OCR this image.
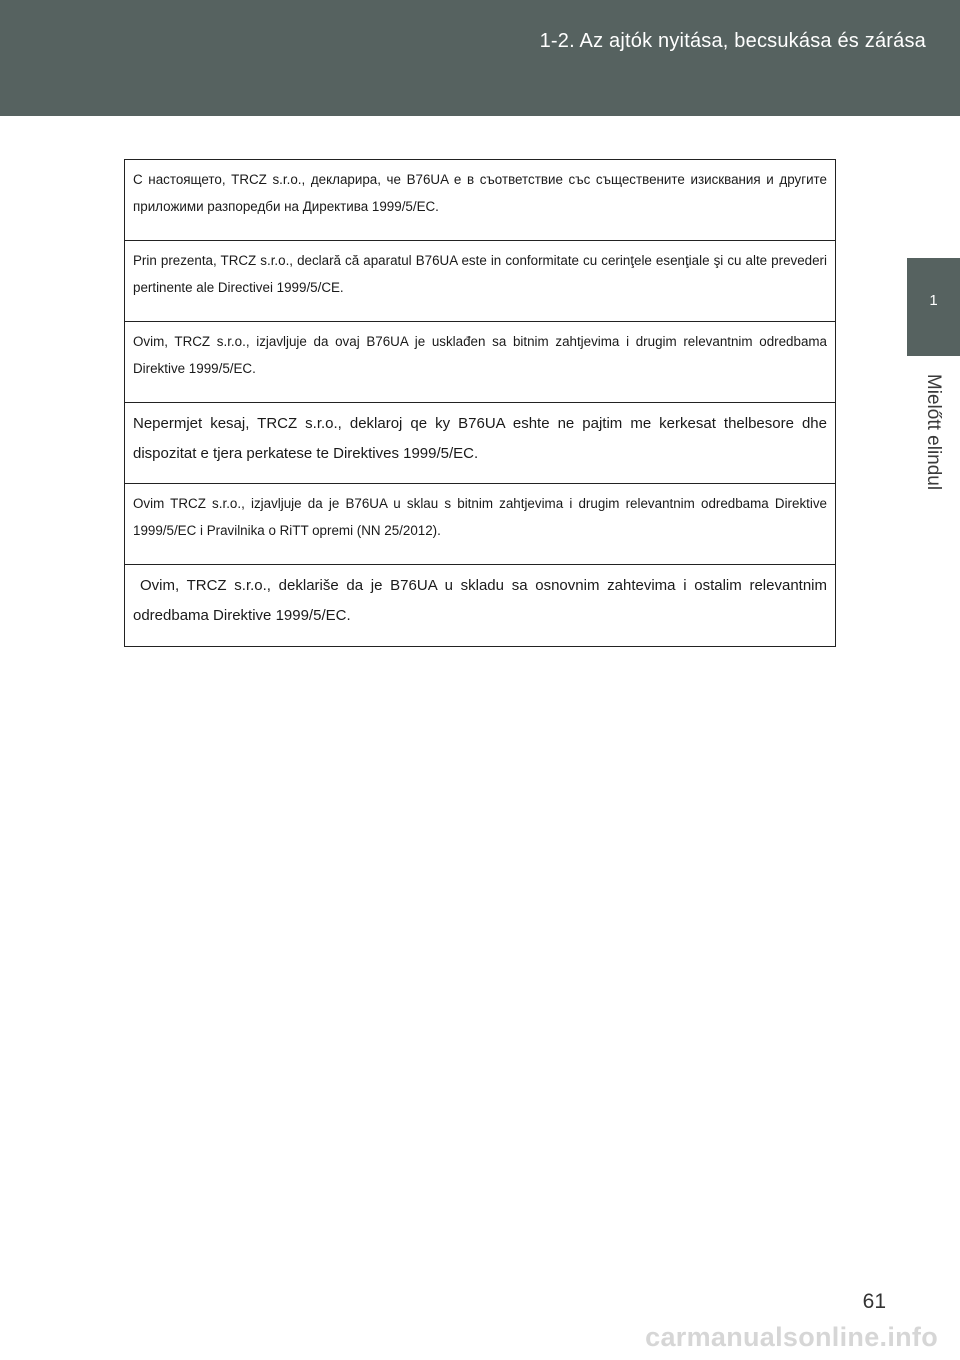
1-2. Az ajtók nyitása, becsukása és zárása
1
Mielőtt elindul

С настоящето, TRCZ s.r.o., декларира, че B76UA е в съответствие със съществените изисквания и другите приложими разпоредби на Директива 1999/5/ЕС.

Prin prezenta, TRCZ s.r.o., declară că aparatul B76UA este in conformitate cu cerinţele esenţiale şi cu alte prevederi pertinente ale Directivei 1999/5/CE.

Ovim, TRCZ s.r.o., izjavljuje da ovaj B76UA je usklađen sa bitnim zahtjevima i drugim relevantnim odredbama Direktive 1999/5/EC.

Nepermjet kesaj, TRCZ s.r.o., deklaroj qe ky B76UA eshte ne pajtim me kerkesat thelbesore dhe dispozitat e tjera perkatese te Direktives 1999/5/EC.

Ovim TRCZ s.r.o., izjavljuje da je B76UA u sklau s bitnim zahtjevima i drugim relevantnim odredbama Direktive 1999/5/EC i Pravilnika o RiTT opremi (NN 25/2012).

Ovim, TRCZ s.r.o., deklariše da je B76UA u skladu sa osnovnim zahtevima i ostalim relevantnim odredbama Direktive 1999/5/EC.

61
carmanualsonline.info
